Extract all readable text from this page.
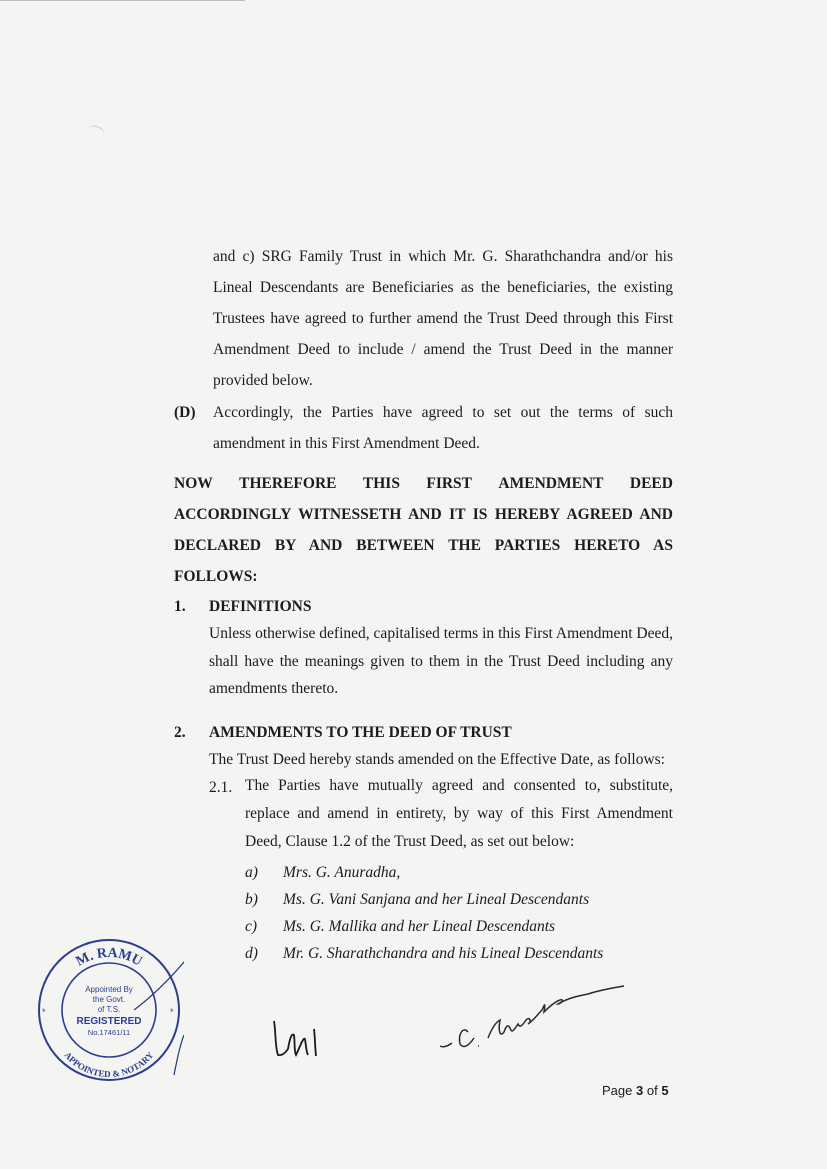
and c) SRG Family Trust in which Mr. G. Sharathchandra and/or his Lineal Descendants are Beneficiaries as the beneficiaries, the existing Trustees have agreed to further amend the Trust Deed through this First Amendment Deed to include / amend the Trust Deed in the manner provided below.
(D) Accordingly, the Parties have agreed to set out the terms of such amendment in this First Amendment Deed.
NOW THEREFORE THIS FIRST AMENDMENT DEED
ACCORDINGLY WITNESSETH AND IT IS HEREBY AGREED AND
DECLARED BY AND BETWEEN THE PARTIES HERETO AS
FOLLOWS:
1. DEFINITIONS
Unless otherwise defined, capitalised terms in this First Amendment Deed, shall have the meanings given to them in the Trust Deed including any amendments thereto.
2. AMENDMENTS TO THE DEED OF TRUST
The Trust Deed hereby stands amended on the Effective Date, as follows:
2.1. The Parties have mutually agreed and consented to, substitute, replace and amend in entirety, by way of this First Amendment Deed, Clause 1.2 of the Trust Deed, as set out below:
a) Mrs. G. Anuradha,
b) Ms. G. Vani Sanjana and her Lineal Descendants
c) Ms. G. Mallika and her Lineal Descendants
d) Mr. G. Sharathchandra and his Lineal Descendants
M. RAMU
APPOINTED & NOTARY
Appointed By
the Govt.
of T.S.
REGISTERED
No.17461/11
*	*
Page 3 of 5
